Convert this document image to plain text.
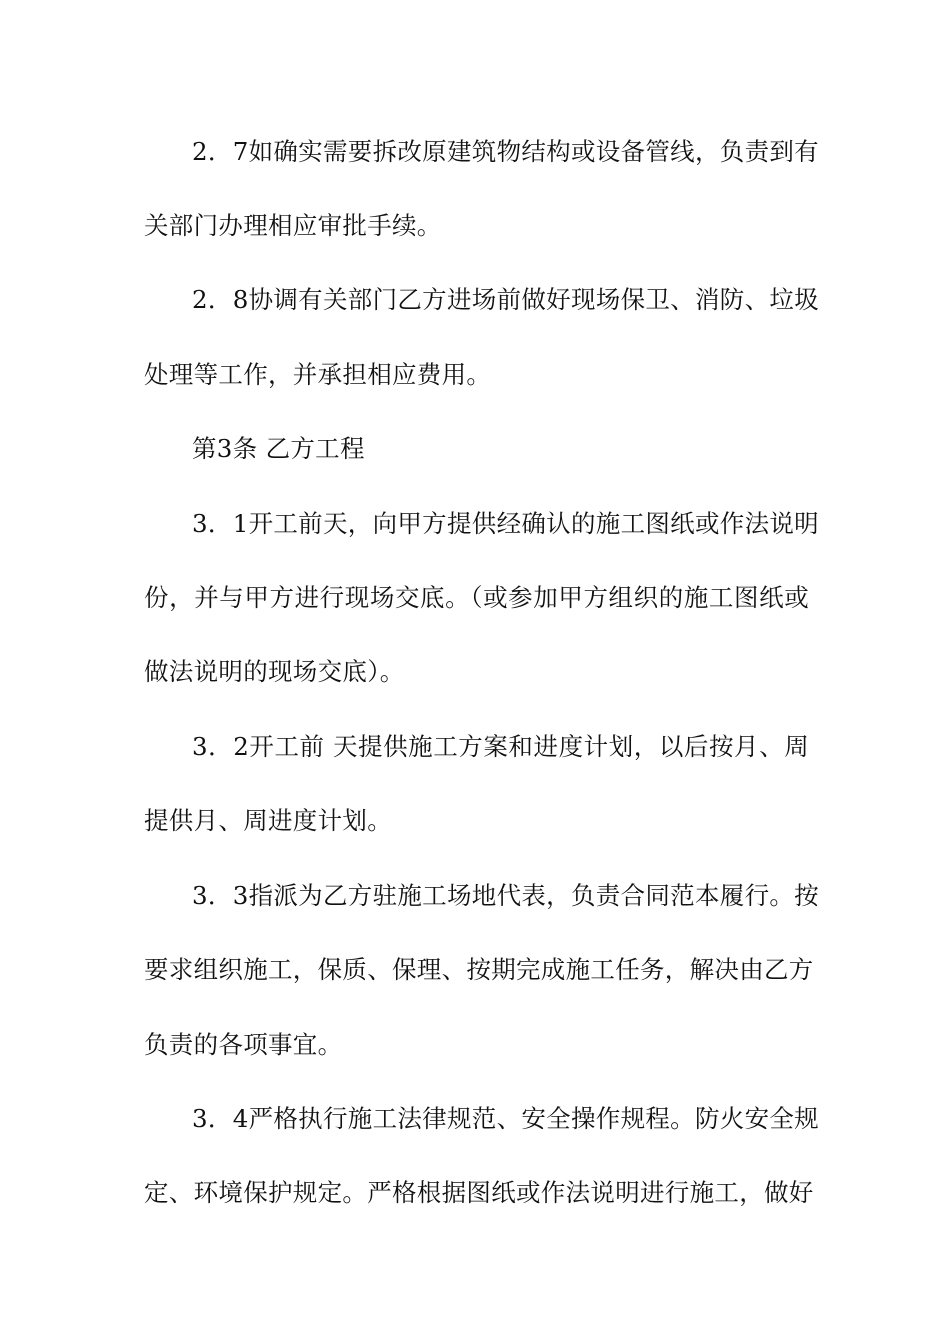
2．7如确实需要拆改原建筑物结构或设备管线，负责到有
关部门办理相应审批手续。
2．8协调有关部门乙方进场前做好现场保卫、消防、垃圾
处理等工作，并承担相应费用。
第3条 乙方工程
3．1开工前天，向甲方提供经确认的施工图纸或作法说明
份，并与甲方进行现场交底。（或参加甲方组织的施工图纸或
做法说明的现场交底）。
3．2开工前 天提供施工方案和进度计划，以后按月、周
提供月、周进度计划。
3．3指派为乙方驻施工场地代表，负责合同范本履行。按
要求组织施工，保质、保理、按期完成施工任务，解决由乙方
负责的各项事宜。
3．4严格执行施工法律规范、安全操作规程。防火安全规
定、环境保护规定。严格根据图纸或作法说明进行施工，做好
